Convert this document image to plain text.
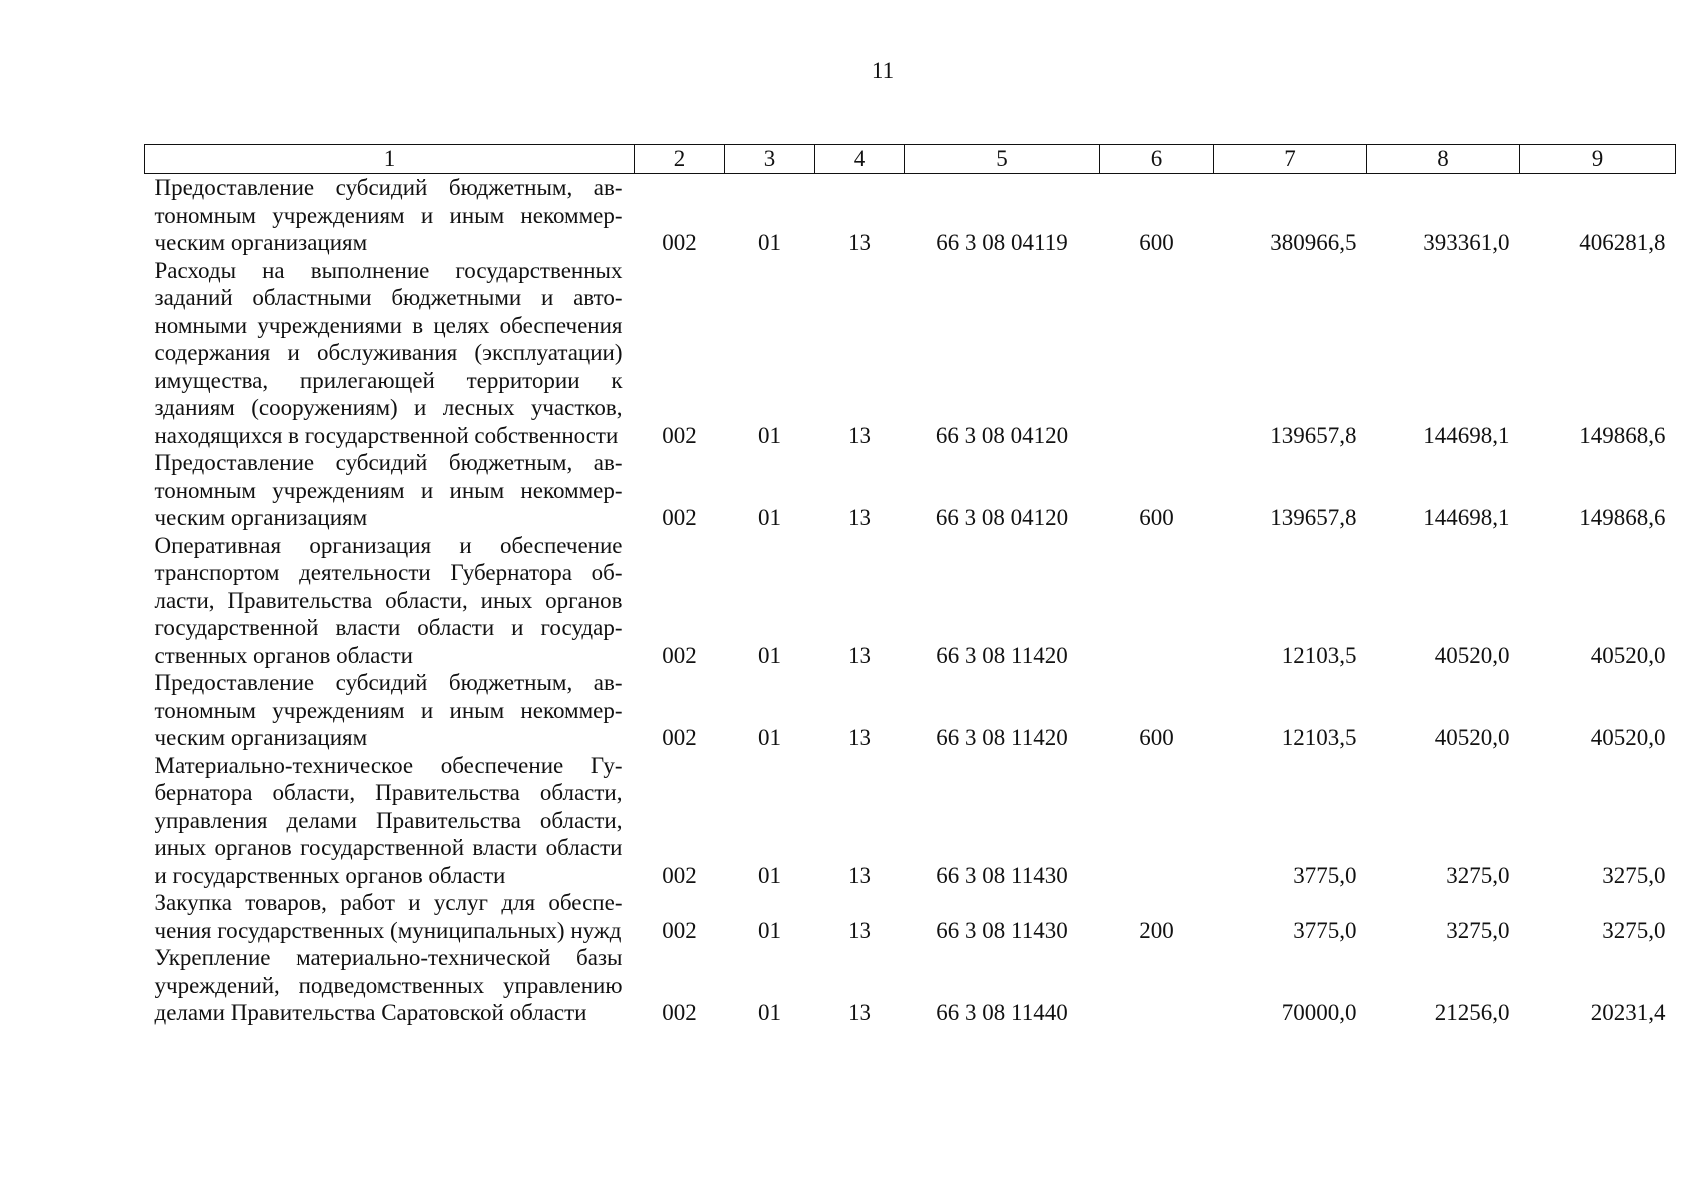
11
1	2	3	4	5	6	7	8	9
Предоставление субсидий бюджетным, автономным учреждениям и иным некоммерческим организациям	002	01	13	66 3 08 04119	600	380966,5	393361,0	406281,8
Расходы на выполнение государственных заданий областными бюджетными и автономными учреждениями в целях обеспечения содержания и обслуживания (эксплуатации) имущества, прилегающей территории к зданиям (сооружениям) и лесных участков, находящихся в государственной собственности	002	01	13	66 3 08 04120		139657,8	144698,1	149868,6
Предоставление субсидий бюджетным, автономным учреждениям и иным некоммерческим организациям	002	01	13	66 3 08 04120	600	139657,8	144698,1	149868,6
Оперативная организация и обеспечение транспортом деятельности Губернатора области, Правительства области, иных органов государственной власти области и государственных органов области	002	01	13	66 3 08 11420		12103,5	40520,0	40520,0
Предоставление субсидий бюджетным, автономным учреждениям и иным некоммерческим организациям	002	01	13	66 3 08 11420	600	12103,5	40520,0	40520,0
Материально-техническое обеспечение Губернатора области, Правительства области, управления делами Правительства области, иных органов государственной власти области и государственных органов области	002	01	13	66 3 08 11430		3775,0	3275,0	3275,0
Закупка товаров, работ и услуг для обеспечения государственных (муниципальных) нужд	002	01	13	66 3 08 11430	200	3775,0	3275,0	3275,0
Укрепление материально-технической базы учреждений, подведомственных управлению делами Правительства Саратовской области	002	01	13	66 3 08 11440		70000,0	21256,0	20231,4
